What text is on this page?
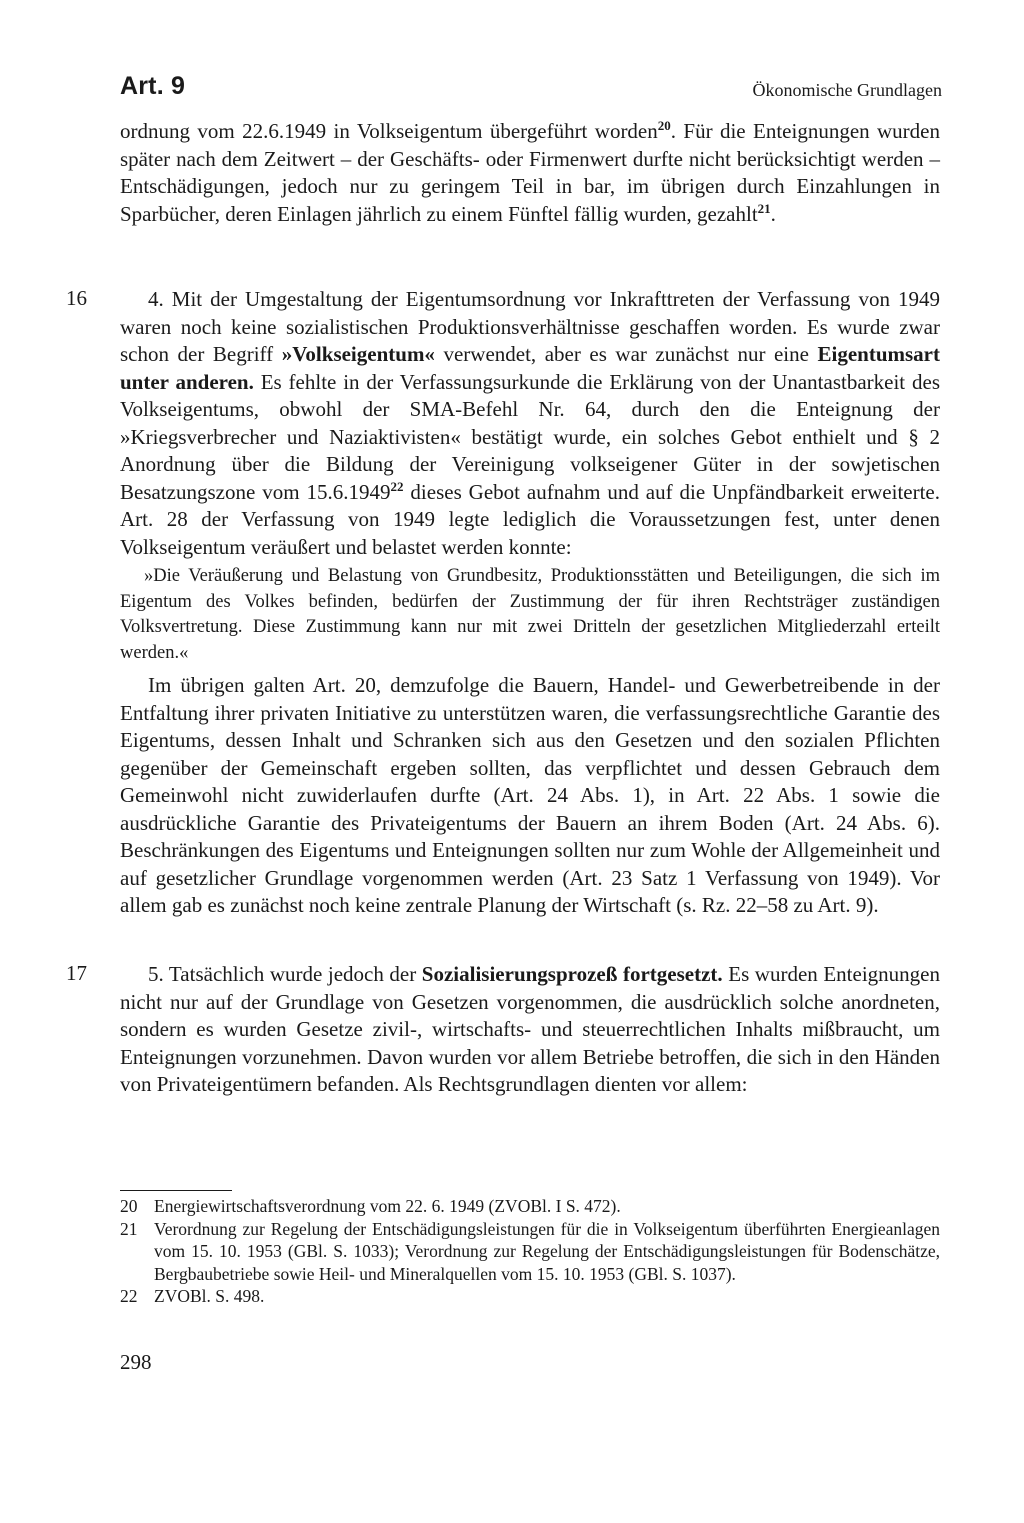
Art. 9	Ökonomische Grundlagen
ordnung vom 22.6.1949 in Volkseigentum übergeführt worden$^{20}$. Für die Enteignungen wurden später nach dem Zeitwert – der Geschäfts- oder Firmenwert durfte nicht berücksichtigt werden – Entschädigungen, jedoch nur zu geringem Teil in bar, im übrigen durch Einzahlungen in Sparbücher, deren Einlagen jährlich zu einem Fünftel fällig wurden, gezahlt$^{21}$.
16	4. Mit der Umgestaltung der Eigentumsordnung vor Inkrafttreten der Verfassung von 1949 waren noch keine sozialistischen Produktionsverhältnisse geschaffen worden. Es wurde zwar schon der Begriff »Volkseigentum« verwendet, aber es war zunächst nur eine Eigentumsart unter anderen. Es fehlte in der Verfassungsurkunde die Erklärung von der Unantastbarkeit des Volkseigentums, obwohl der SMA-Befehl Nr. 64, durch den die Enteignung der »Kriegsverbrecher und Naziaktivisten« bestätigt wurde, ein solches Gebot enthielt und § 2 Anordnung über die Bildung der Vereinigung volkseigener Güter in der sowjetischen Besatzungszone vom 15.6.1949$^{22}$ dieses Gebot aufnahm und auf die Unpfändbarkeit erweiterte. Art. 28 der Verfassung von 1949 legte lediglich die Voraussetzungen fest, unter denen Volkseigentum veräußert und belastet werden konnte:
»Die Veräußerung und Belastung von Grundbesitz, Produktionsstätten und Beteiligungen, die sich im Eigentum des Volkes befinden, bedürfen der Zustimmung der für ihren Rechtsträger zuständigen Volksvertretung. Diese Zustimmung kann nur mit zwei Dritteln der gesetzlichen Mitgliederzahl erteilt werden.«
Im übrigen galten Art. 20, demzufolge die Bauern, Handel- und Gewerbetreibende in der Entfaltung ihrer privaten Initiative zu unterstützen waren, die verfassungsrechtliche Garantie des Eigentums, dessen Inhalt und Schranken sich aus den Gesetzen und den sozialen Pflichten gegenüber der Gemeinschaft ergeben sollten, das verpflichtet und dessen Gebrauch dem Gemeinwohl nicht zuwiderlaufen durfte (Art. 24 Abs. 1), in Art. 22 Abs. 1 sowie die ausdrückliche Garantie des Privateigentums der Bauern an ihrem Boden (Art. 24 Abs. 6). Beschränkungen des Eigentums und Enteignungen sollten nur zum Wohle der Allgemeinheit und auf gesetzlicher Grundlage vorgenommen werden (Art. 23 Satz 1 Verfassung von 1949). Vor allem gab es zunächst noch keine zentrale Planung der Wirtschaft (s. Rz. 22–58 zu Art. 9).
17	5. Tatsächlich wurde jedoch der Sozialisierungsprozeß fortgesetzt. Es wurden Enteignungen nicht nur auf der Grundlage von Gesetzen vorgenommen, die ausdrücklich solche anordneten, sondern es wurden Gesetze zivil-, wirtschafts- und steuerrechtlichen Inhalts mißbraucht, um Enteignungen vorzunehmen. Davon wurden vor allem Betriebe betroffen, die sich in den Händen von Privateigentümern befanden. Als Rechtsgrundlagen dienten vor allem:
20 Energiewirtschaftsverordnung vom 22. 6. 1949 (ZVOBl. I S. 472).
21 Verordnung zur Regelung der Entschädigungsleistungen für die in Volkseigentum überführten Energieanlagen vom 15. 10. 1953 (GBl. S. 1033); Verordnung zur Regelung der Entschädigungsleistungen für Bodenschätze, Bergbaubetriebe sowie Heil- und Mineralquellen vom 15. 10. 1953 (GBl. S. 1037).
22 ZVOBl. S. 498.
298
